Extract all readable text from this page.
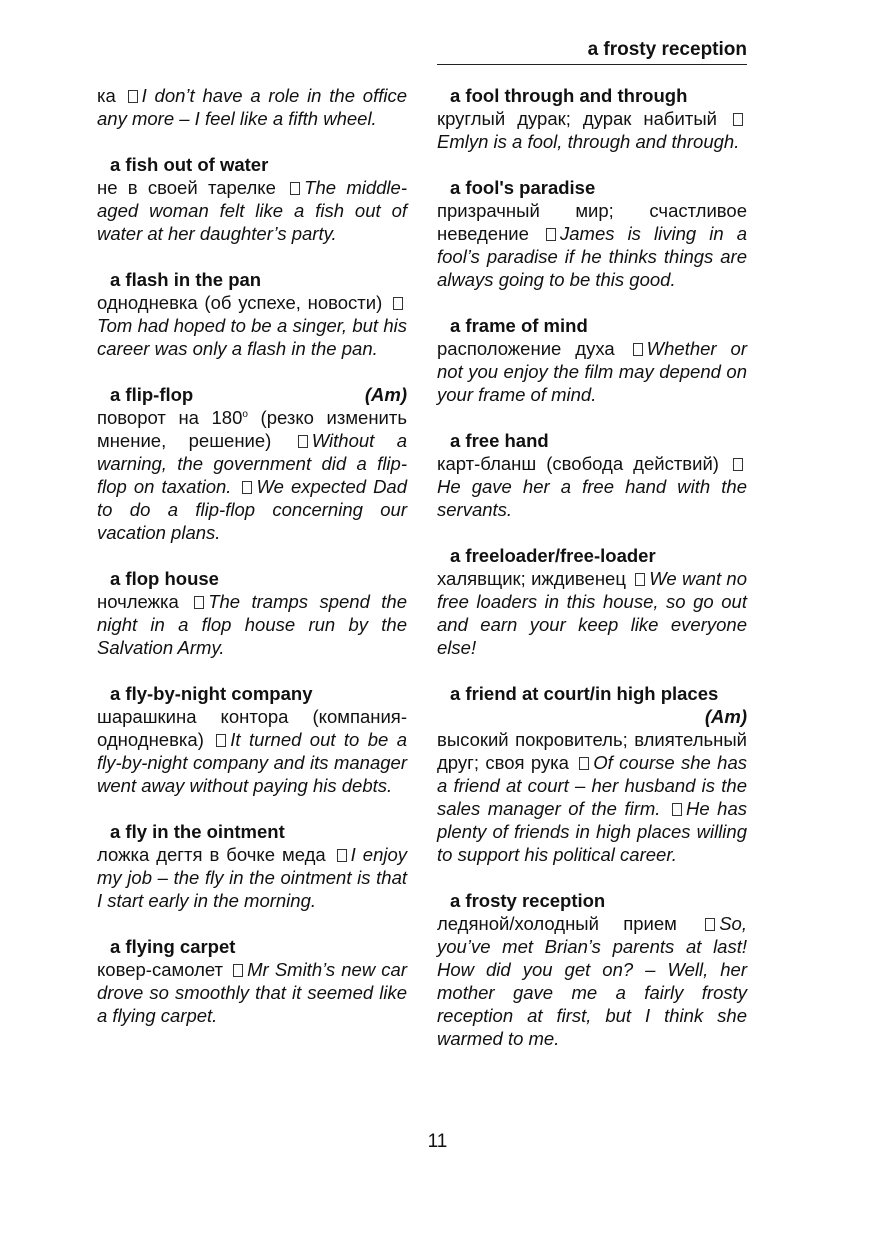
a frosty reception
ка I don’t have a role in the office any more – I feel like a fifth wheel.
a fish out of water
не в своей тарелке The middle-aged woman felt like a fish out of water at her daughter’s party.
a flash in the pan
однодневка (об успехе, новости) Tom had hoped to be a singer, but his career was only a flash in the pan.
a flip-flop	(Am)
поворот на 180$^o$ (резко изменить мнение, решение) Without a warning, the government did a flip-flop on taxation. We expected Dad to do a flip-flop concerning our vacation plans.
a flop house
ночлежка The tramps spend the night in a flop house run by the Salvation Army.
a fly-by-night company
шарашкина контора (компания-однодневка) It turned out to be a fly-by-night company and its manager went away without paying his debts.
a fly in the ointment
ложка дегтя в бочке меда I enjoy my job – the fly in the ointment is that I start early in the morning.
a flying carpet
ковер-самолет Mr Smith’s new car drove so smoothly that it seemed like a flying carpet.
a fool through and through
круглый дурак; дурак набитый Emlyn is a fool, through and through.
a fool's paradise
призрачный мир; счастливое неведение James is living in a fool’s paradise if he thinks things are always going to be this good.
a frame of mind
расположение духа Whether or not you enjoy the film may depend on your frame of mind.
a free hand
карт-бланш (свобода действий) He gave her a free hand with the servants.
a freeloader/free-loader
халявщик; иждивенец We want no free loaders in this house, so go out and earn your keep like everyone else!
a friend at court/in high places
(Am)
высокий покровитель; влиятельный друг; своя рука Of course she has a friend at court – her husband is the sales manager of the firm. He has plenty of friends in high places willing to support his political career.
a frosty reception
ледяной/холодный прием So, you’ve met Brian’s parents at last! How did you get on? – Well, her mother gave me a fairly frosty reception at first, but I think she warmed to me.
11
